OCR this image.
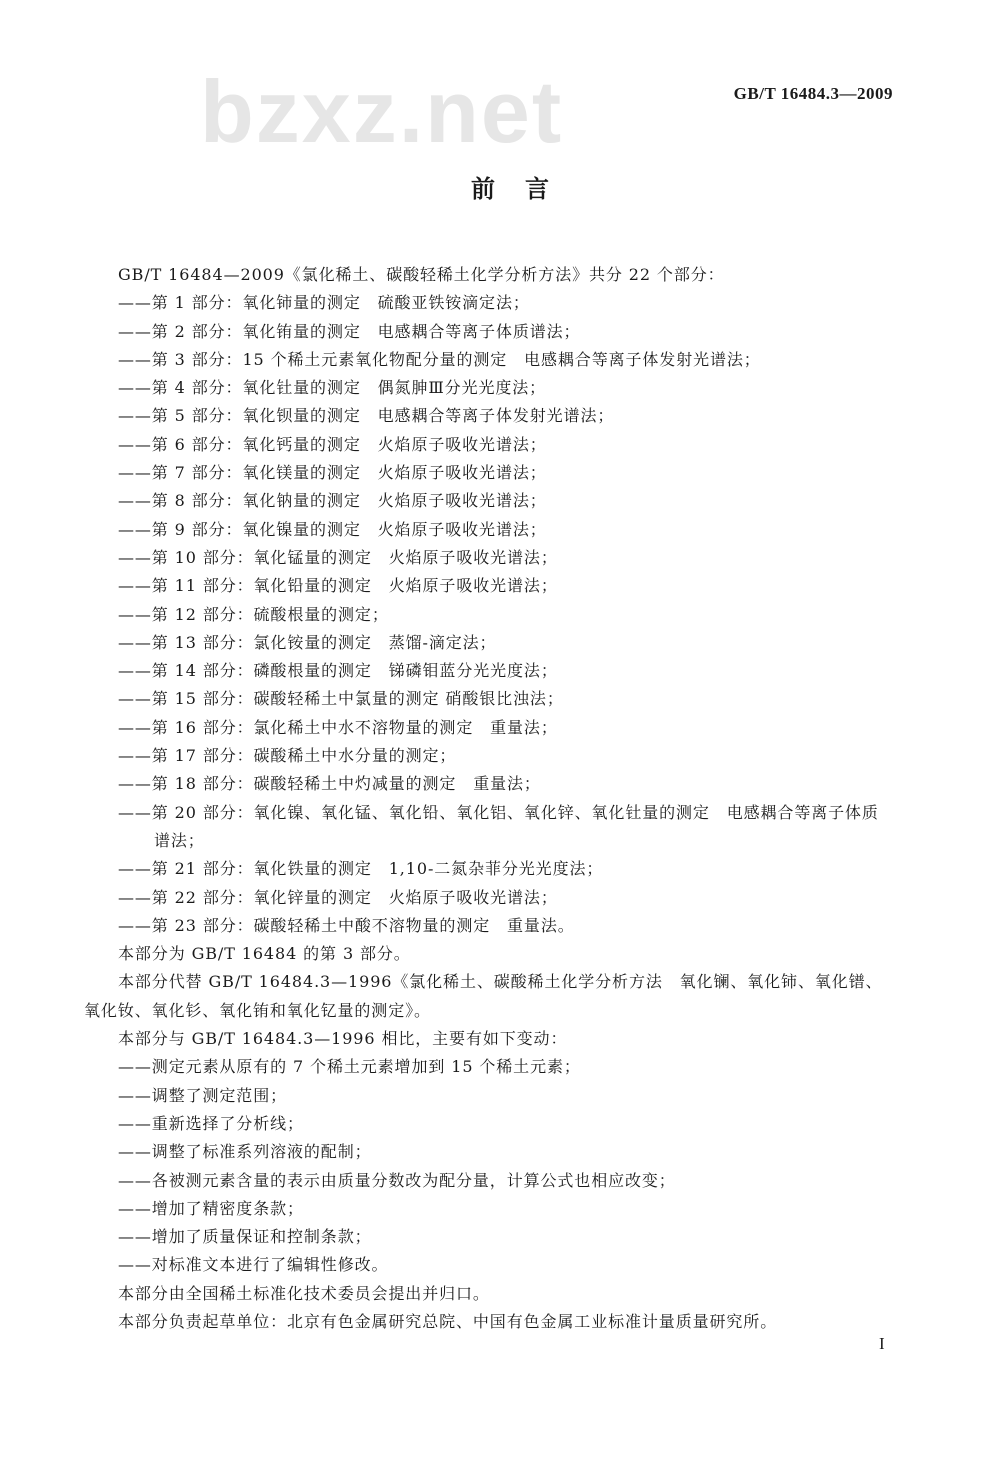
GB/T 16484.3—2009
bzxz.net
前言
GB/T 16484—2009《氯化稀土、碳酸轻稀土化学分析方法》共分 22 个部分：
——第 1 部分：氧化铈量的测定　硫酸亚铁铵滴定法；
——第 2 部分：氧化铕量的测定　电感耦合等离子体质谱法；
——第 3 部分：15 个稀土元素氧化物配分量的测定　电感耦合等离子体发射光谱法；
——第 4 部分：氧化钍量的测定　偶氮胂Ⅲ分光光度法；
——第 5 部分：氧化钡量的测定　电感耦合等离子体发射光谱法；
——第 6 部分：氧化钙量的测定　火焰原子吸收光谱法；
——第 7 部分：氧化镁量的测定　火焰原子吸收光谱法；
——第 8 部分：氧化钠量的测定　火焰原子吸收光谱法；
——第 9 部分：氧化镍量的测定　火焰原子吸收光谱法；
——第 10 部分：氧化锰量的测定　火焰原子吸收光谱法；
——第 11 部分：氧化铅量的测定　火焰原子吸收光谱法；
——第 12 部分：硫酸根量的测定；
——第 13 部分：氯化铵量的测定　蒸馏-滴定法；
——第 14 部分：磷酸根量的测定　锑磷钼蓝分光光度法；
——第 15 部分：碳酸轻稀土中氯量的测定 硝酸银比浊法；
——第 16 部分：氯化稀土中水不溶物量的测定　重量法；
——第 17 部分：碳酸稀土中水分量的测定；
——第 18 部分：碳酸轻稀土中灼减量的测定　重量法；
——第 20 部分：氧化镍、氧化锰、氧化铅、氧化铝、氧化锌、氧化钍量的测定　电感耦合等离子体质
谱法；
——第 21 部分：氧化铁量的测定　1,10-二氮杂菲分光光度法；
——第 22 部分：氧化锌量的测定　火焰原子吸收光谱法；
——第 23 部分：碳酸轻稀土中酸不溶物量的测定　重量法。
本部分为 GB/T 16484 的第 3 部分。
本部分代替 GB/T 16484.3—1996《氯化稀土、碳酸稀土化学分析方法　氧化镧、氧化铈、氧化镨、
氧化钕、氧化钐、氧化铕和氧化钇量的测定》。
本部分与 GB/T 16484.3—1996 相比，主要有如下变动：
——测定元素从原有的 7 个稀土元素增加到 15 个稀土元素；
——调整了测定范围；
——重新选择了分析线；
——调整了标准系列溶液的配制；
——各被测元素含量的表示由质量分数改为配分量，计算公式也相应改变；
——增加了精密度条款；
——增加了质量保证和控制条款；
——对标准文本进行了编辑性修改。
本部分由全国稀土标准化技术委员会提出并归口。
本部分负责起草单位：北京有色金属研究总院、中国有色金属工业标准计量质量研究所。
I
